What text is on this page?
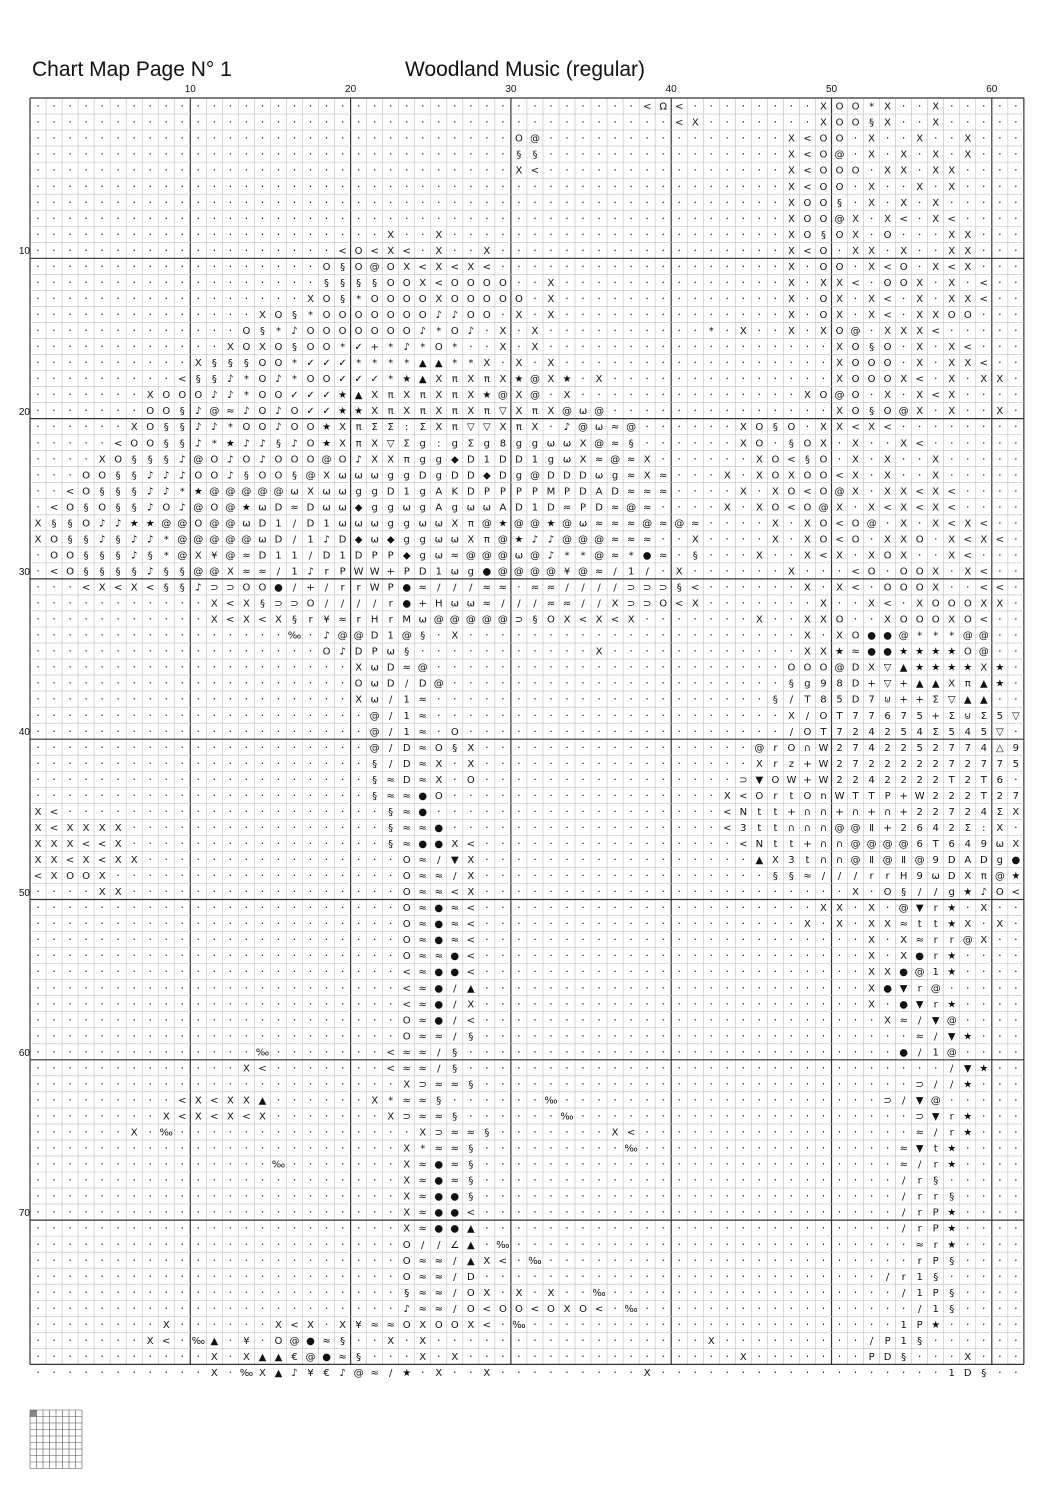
Chart Map Page N° 1	Woodland Music (regular)
10	20	30	40	50	60
10
20
30
40
50
60
70
· · · · · · · · · · · · · · · · · · · · · · · · · · · · · · · · · · · · · · < Ω < · · · · · · · · X O O * X · · X · · · · ·
· · · · · · · · · · · · · · · · · · · · · · · · · · · · · · · · · · · · · · · · < X · · · · · · · X O O § X · · X · · · · ·
· · · · · · · · · · · · · · · · · · · · · · · · · · · · · · O @ · · · · · · · · · · · · · · · X < O O · X · · X · · X · · ·
· · · · · · · · · · · · · · · · · · · · · · · · · · · · · · § § · · · · · · · · · · · · · · · X < O @ · X · X · X · X · · ·
· · · · · · · · · · · · · · · · · · · · · · · · · · · · · · X < · · · · · · · · · · · · · · · X < O O O · X X · X X · · · ·
· · · · · · · · · · · · · · · · · · · · · · · · · · · · · · · · · · · · · · · · · · · · · · · X < O O · X · · X · X · · · ·
· · · · · · · · · · · · · · · · · · · · · · · · · · · · · · · · · · · · · · · · · · · · · · · X O O § · X · X · X · · · · ·
· · · · · · · · · · · · · · · · · · · · · · · · · · · · · · · · · · · · · · · · · · · · · · · X O O @ X · X < · X < · · · ·
· · · · · · · · · · · · · · · · · · · · · · X · · X · · · · · · · · · · · · · · · · · · · · · X O § O X · O · · · X X · · ·
· · · · · · · · · · · · · · · · · · · < O < X < · X · · X · · · · · · · · · · · · · · · · · · X < O · X X · X · · X X · · ·
· · · · · · · · · · · · · · · · · · O § O @ O X < X < X < · · · · · · · · · · · · · · · · · · X · O O · X < O · X < X · · ·
· · · · · · · · · · · · · · · · · · § § § § O O X < O O O O · · X · · · · · · · · · · · · · · X · X X < · O O X · X · < · ·
· · · · · · · · · · · · · · · · · X O § * O O O O X O O O O O · X · · · · · · · · · · · · · · X · O X · X < · X · X X < · ·
· · · · · · · · · · · · · · X O § * O O O O O O O ♪ ♪ O O · X · X · · · · · · · · · · · · · · X · O X · X < · X X O O · · ·
· · · · · · · · · · · · · O § * ♪ O O O O O O O ♪ * O ♪ · X · X · · · · · · · · · · * · X · · X · X O @ · X X X < · · · · ·
· · · · · · · · · · · · X O X O § O O * ✓ + * ♪ * O * · · X · X · · · · · · · · · · · · · · · · · · X O § O · X · X < · · ·
· · · · · · · · · · X § § § O O * ✓ ✓ ✓ * * * * ▲ ▲ * * X · X · X · · · · · · · · · · · · · · · · · X O O O · X · X X < · ·
· · · · · · · · · < § § ♪ * O ♪ * O O ✓ ✓ ✓ * ★ ▲ X π X π X ★ @ X ★ · X · · · · · · · · · · · · · · X O O O X < · X · X X ·
· · · · · · · X O O O ♪ ♪ * O O ✓ ✓ ✓ ★ ▲ X π X π X π X ★ @ X @ · X · · · · · · · · · · · · · · X O @ O · X · X < X · · · ·
· · · · · · · O O § ♪ @ ≈ ♪ O ♪ O ✓ ✓ ★ ★ X π X π X π X π ▽ X π X @ ω @ · · · · · · · · · · · · · · X O § O @ X · X · · X ·
· · · · · · X O § § ♪ ♪ * O O ♪ O O ★ X π Σ Σ : Σ X π ▽ ▽ X π X · ♪ @ ω ≈ @ · · · · · · X O § O · X X < X < · · · · · · · ·
· · · · · < O O § § ♪ * ★ ♪ ♪ § ♪ O ★ X π X ▽ Σ g : g Σ g 8 g g ω ω X @ ≈ § · · · · · · X O · § O X · X · · X < · · · · · ·
· · · · X O § § § ♪ @ O ♪ O ♪ O O O @ O ♪ X X π g g ◆ D 1 D D 1 g ω X ≈ @ ≈ X · · · · · · X O < § O · X · X · · X · · · · ·
· · · O O § § ♪ ♪ ♪ O O ♪ § O O § @ X ω ω ω g g D g D D ◆ D g @ D D D ω g ≈ X ≈ · · · X · X O X O O < X · X · · X · · · · ·
· · < O § § § ♪ ♪ * ★ @ @ @ @ @ ω X ω ω g g D 1 g A K D P P P P M P D A D ≈ ≈ ≈ · · · · X · X O < O @ X · X X < X < · · · ·
· < O § O § § ♪ O ♪ @ O @ ★ ω D ≈ D ω ω ◆ g g ω g A g ω ω A D 1 D ≈ P D ≈ @ ≈ · · · · X · X O < O @ X · X < X < X < · · · ·
X § § O ♪ ♪ ★ ★ @ @ O @ @ ω D 1 / D 1 ω ω ω g g ω ω X π @ ★ @ @ ★ @ ω ≈ ≈ ≈ @ ≈ @ ≈ · · · · X · X O < O @ · X · X < X < · ·
X O § § ♪ § ♪ ♪ * @ @ @ @ @ ω D / 1 ♪ D ◆ ω ◆ g g ω ω X π @ ★ ♪ ♪ @ @ @ ≈ ≈ ≈ · · X · · · · X · X O < O · X X O · X < X < ·
· O O § § § ♪ § * @ X ¥ @ ≈ D 1 1 / D 1 D P P ◆ g ω ≈ @ @ @ ω @ ♪ * * @ ≈ * ● ≈ · § · · · X · · X < X · X O X · · X < · · ·
· < O § § § § ♪ § § @ @ X ≈ ≈ / 1 ♪ r P W W + P D 1 ω g ● @ @ @ @ ¥ @ ≈ / 1 / · X · · · · · · X · · · < O · O O X · X < · ·
· · · < X < X < § § ♪ ⊃ ⊃ O O ● / + / r r W P ● ≈ / / / ≈ ≈ · ≈ ≈ / / / / ⊃ ⊃ ⊃ § < · · · · · · X · X < · O O O X · · < < ·
· · · · · · · · · · · X < X § ⊃ ⊃ O / / / / r ● + H ω ω ≈ / / / ≈ ≈ / / X ⊃ ⊃ O < X · · · · · · · X · · X < · X O O O X X ·
· · · · · · · · · · · X < X < X § r ¥ ≈ r H r M ω @ @ @ @ @ ⊃ § O X < X < X · · · · · · · X · · X X O · · X O O O X O < · ·
· · · · · · · · · · · · · · · · ‰ · ♪ @ @ D 1 @ § · X · · · · · · · · · · · · · · · · · · · · · X · X O ● ● @ * * * @ @ · ·
· · · · · · · · · · · · · · · · · · O ♪ D P ω § · · · · · · · · · · · X · · · · · · · · · · · · X X ★ ≈ ● ● ★ ★ ★ ★ O @ · ·
· · · · · · · · · · · · · · · · · · · · X ω D ≈ @ · · · · · · · · · · · · · · · · · · · · · · O O O @ D X ▽ ▲ ★ ★ ★ ★ X ★ ·
· · · · · · · · · · · · · · · · · · · · O ω D / D @ · · · · · · · · · · · · · · · · · · · · · § g 9 8 D + ▽ + ▲ ▲ X π ▲ ★ ·
· · · · · · · · · · · · · · · · · · · · X ω / 1 ≈ · · · · · · · · · · · · · · · · · · · · · § / T 8 5 D 7 ⊍ + + Σ ▽ ▲ ▲ · ·
· · · · · · · · · · · · · · · · · · · · · @ / 1 ≈ · · · · · · · · · · · · · · · · · · · · · · X / O T 7 7 6 7 5 + Σ ⊍ Σ 5 ▽
· · · · · · · · · · · · · · · · · · · · · @ / 1 ≈ · O · · · · · · · · · · · · · · · · · · · · / O T 7 2 4 2 5 4 Σ 5 4 5 ▽ ·
· · · · · · · · · · · · · · · · · · · · · @ / D ≈ O § X · · · · · · · · · · · · · · · · · @ r O ∩ W 2 7 4 2 2 5 2 7 7 4 △ 9
· · · · · · · · · · · · · · · · · · · · · § / D ≈ X · X · · · · · · · · · · · · · · · · · X r z + W 2 7 2 2 2 2 2 7 2 7 7 5
· · · · · · · · · · · · · · · · · · · · · § ≈ D ≈ X · O · · · · · · · · · · · · · · · · ⊃ ▼ O W + W 2 2 4 2 2 2 2 T 2 T 6 ·
· · · · · · · · · · · · · · · · · · · · · § ≈ ≈ ● O · · · · · · · · · · · · · · · · · X < O r t O n W T T P + W 2 2 2 T 2 7
X < · · · · · · · · · · · · · · · · · · · · § ≈ ● · · · · · · · · · · · · · · · · · · < N t t + ∩ ∩ + ∩ + ∩ + 2 2 7 2 4 Σ X
X < X X X X · · · · · · · · · · · · · · · · § ≈ ≈ ● · · · · · · · · · · · · · · · · · < 3 t t ∩ ∩ ∩ @ @ Ⅱ + 2 6 4 2 Σ : X ·
X X X < < X · · · · · · · · · · · · · · · · § ≈ ● ● X < · · · · · · · · · · · · · · · · < N t t + ∩ ∩ @ @ @ @ 6 T 6 4 9 ω X
X X < X < X X · · · · · · · · · · · · · · · · O ≈ / ▼ X · · · · · · · · · · · · · · · · · ▲ X 3 t ∩ ∩ @ Ⅱ @ Ⅱ @ 9 D A D g ●
< X O O X · · · · · · · · · · · · · · · · · · O ≈ ≈ / X · · · · · · · · · · · · · · · · · · § § ≈ / / / r r H 9 ω D X π @ ★
· · · · X X · · · · · · · · · · · · · · · · · O ≈ ≈ < X · · · · · · · · · · · · · · · · · · · · · · · X · O § / / g ★ ♪ O <
· · · · · · · · · · · · · · · · · · · · · · · O ≈ ● ≈ < · · · · · · · · · · · · · · · · · · · · · X X · X · @ ▼ r ★ · X · ·
· · · · · · · · · · · · · · · · · · · · · · · O ≈ ● ≈ < · · · · · · · · · · · · · · · · · · · · X · X · X X ≈ t t ★ X · X ·
· · · · · · · · · · · · · · · · · · · · · · · O ≈ ● ≈ < · · · · · · · · · · · · · · · · · · · · · · · · X · X ≈ r r @ X · ·
· · · · · · · · · · · · · · · · · · · · · · · O ≈ ≈ ● < · · · · · · · · · · · · · · · · · · · · · · · · X · X ● r ★ · · · ·
· · · · · · · · · · · · · · · · · · · · · · · < ≈ ● ● < · · · · · · · · · · · · · · · · · · · · · · · · X X ● @ 1 ★ · · · ·
· · · · · · · · · · · · · · · · · · · · · · · < ≈ ● / ▲ · · · · · · · · · · · · · · · · · · · · · · · · X ● ▼ r @ · · · · ·
· · · · · · · · · · · · · · · · · · · · · · · < ≈ ● / X · · · · · · · · · · · · · · · · · · · · · · · · X · ● ▼ r ★ · · · ·
· · · · · · · · · · · · · · · · · · · · · · · O ≈ ● / < · · · · · · · · · · · · · · · · · · · · · · · · · X ≈ / ▼ @ · · · ·
· · · · · · · · · · · · · · · · · · · · · · · O ≈ ≈ / § · · · · · · · · · · · · · · · · · · · · · · · · · · · ≈ / ▼ ★ · · ·
· · · · · · · · · · · · · · ‰ · · · · · · · < ≈ ≈ / § · · · · · · · · · · · · · · · · · · · · · · · · · · · ● / 1 @ · · · ·
· · · · · · · · · · · · · X < · · · · · · · < ≈ ≈ / § · · · · · · · · · · · · · · · · · · · · · · · · · · · · · · / ▼ ★ · ·
· · · · · · · · · · · · · · · · · · · · · · · X ⊃ ≈ ≈ § · · · · · · · · · · · · · · · · · · · · · · · · · · · ⊃ / / ★ · · ·
· · · · · · · · · < X < X X ▲ · · · · · · X * ≈ ≈ § · · · · · · ‰ · · · · · · · · · · · · · · · · · · · · ⊃ / ▼ @ · · · · ·
· · · · · · · · X < X < X < X · · · · · · · X ⊃ ≈ ≈ § · · · · · · ‰ · · · · · · · · · · · · · · · · · · · · · ⊃ ▼ r ★ · · ·
· · · · · · X · ‰ · · · · · · · · · · · · · · · X ⊃ ≈ ≈ § · · · · · · · X < · · · · · · · · · · · · · · · · · ≈ / r ★ · · ·
· · · · · · · · · · · · · · · · · · · · · · · X * ≈ ≈ § · · · · · · · · · ‰ · · · · · · · · · · · · · · · · ≈ ▼ t ★ · · · ·
· · · · · · · · · · · · · · · ‰ · · · · · · · X ≈ ● ≈ § · · · · · · · · · · · · · · · · · · · · · · · · · · ≈ / r ★ · · · ·
· · · · · · · · · · · · · · · · · · · · · · · X ≈ ● ≈ § · · · · · · · · · · · · · · · · · · · · · · · · · · / r § · · · · ·
· · · · · · · · · · · · · · · · · · · · · · · X ≈ ● ● § · · · · · · · · · · · · · · · · · · · · · · · · · · / r r § · · · ·
· · · · · · · · · · · · · · · · · · · · · · · X ≈ ● ● < · · · · · · · · · · · · · · · · · · · · · · · · · · / r P ★ · · · ·
· · · · · · · · · · · · · · · · · · · · · · · X ≈ ● ● ▲ · · · · · · · · · · · · · · · · · · · · · · · · · · / r P ★ · · · ·
· · · · · · · · · · · · · · · · · · · · · · · O / / ∠ ▲ · ‰ · · · · · · · · · · · · · · · · · · · · · · · · · ≈ r ★ · · · ·
· · · · · · · · · · · · · · · · · · · · · · · O ≈ ≈ / ▲ X < · ‰ · · · · · · · · · · · · · · · · · · · · · · · r P § · · · ·
· · · · · · · · · · · · · · · · · · · · · · · O ≈ ≈ / D · · · · · · · · · · · · · · · · · · · · · · · · · / r 1 § · · · · ·
· · · · · · · · · · · · · · · · · · · · · · · § ≈ ≈ / O X · X · X · · ‰ · · · · · · · · · · · · · · · · · · / 1 P § · · · ·
· · · · · · · · · · · · · · · · · · · · · · · ♪ ≈ ≈ / O < O O < O X O < · ‰ · · · · · · · · · · · · · · · · · / 1 § · · · ·
· · · · · · · · X · · · · · · X < X · X ¥ ≈ ≈ O X O O X < · ‰ · · · · · · · · · · · · · · · · · · · · · · · 1 P ★ · · · · ·
· · · · · · · X < · ‰ ▲ · ¥ · O @ ● ≈ § · · X · X · · · · · · · · · · · · · · · · · X · · · · · · · · · / P 1 § · · · · · ·
· · · · · · · · · · · X · X ▲ ▲ € @ ● ≈ § · · · X · X · · · · · · · · · · · · · · · · · X · · · · · · · P D § · · · X · · ·
· · · · · · · · · · · X · ‰ X ▲ ♪ ¥ € ♪ @ ≈ / ★ · X · · X · · · · · · · · · X · · · · · · · · · · · · · · · · · · 1 D § · ·
